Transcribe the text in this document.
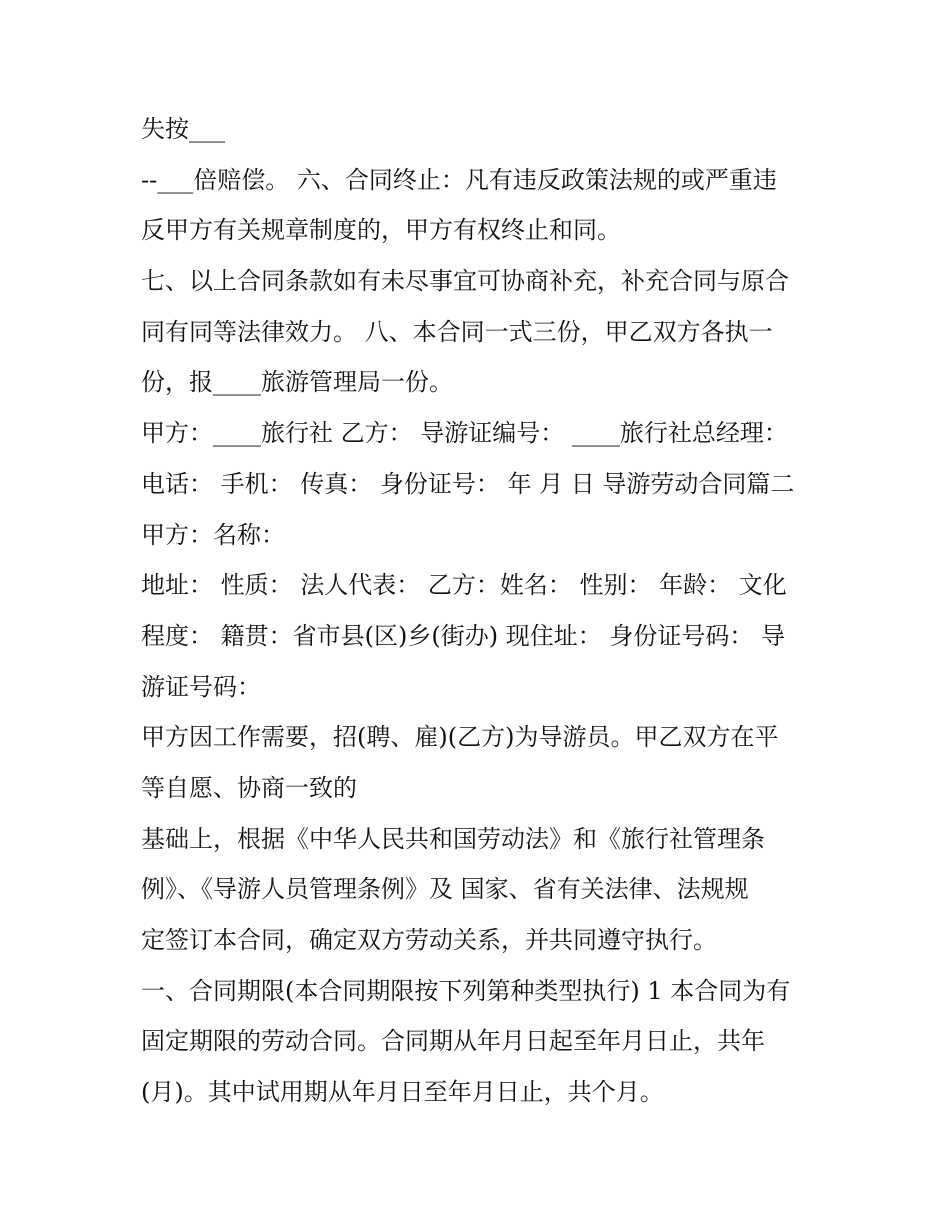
失按___
--___倍赔偿。 六、合同终止：凡有违反政策法规的或严重违
反甲方有关规章制度的，甲方有权终止和同。
七、以上合同条款如有未尽事宜可协商补充，补充合同与原合
同有同等法律效力。 八、本合同一式三份，甲乙双方各执一
份，报____旅游管理局一份。
甲方：____旅行社 乙方： 导游证编号： ____旅行社总经理：
电话： 手机： 传真： 身份证号： 年 月 日 导游劳动合同篇二
甲方：名称：
地址： 性质： 法人代表： 乙方：姓名： 性别： 年龄： 文化
程度： 籍贯：省市县(区)乡(街办) 现住址： 身份证号码： 导
游证号码：
甲方因工作需要，招(聘、雇)(乙方)为导游员。甲乙双方在平
等自愿、协商一致的
基础上，根据《中华人民共和国劳动法》和《旅行社管理条
例》、《导游人员管理条例》及 国家、省有关法律、法规规
定签订本合同，确定双方劳动关系，并共同遵守执行。
一、合同期限(本合同期限按下列第种类型执行) 1 本合同为有
固定期限的劳动合同。合同期从年月日起至年月日止，共年
(月)。其中试用期从年月日至年月日止，共个月。
